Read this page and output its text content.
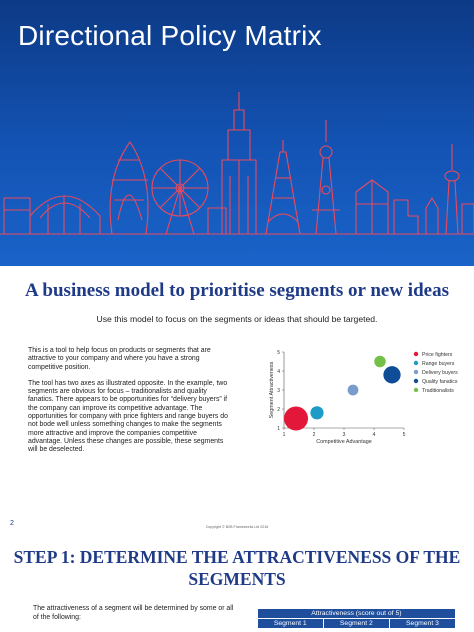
Directional Policy Matrix
A business model to prioritise segments or new ideas
Use this model to focus on the segments or ideas that should be targeted.

This is a tool to help focus on products or segments that are attractive to your company and where you have a strong competitive position.

The tool has two axes as illustrated opposite. In the example, two segments are obvious for focus – traditionalists and quality fanatics. There appears to be opportunities for “delivery buyers” if the company can improve its competitive advantage. The opportunities for company with price fighters and range buyers do not bode well unless something changes to make the segments more attractive and improve the companies competitive advantage. Unless these changes are possible, these segments will be deselected.

1	2	3	4	5
1
2
3
4
5
Competitive Advantage
Segment Attractiveness
Price fighters
Range buyers
Delivery buyers
Quality fanatics
Traditionalists
2	Copyright © B2B Frameworks Ltd 2016
STEP 1: DETERMINE THE ATTRACTIVENESS OF THE
SEGMENTS
The attractiveness of a segment will be determined by some or all of the following:
	Attractiveness (score out of 5)		
	Segment 1	Segment 2	Segment 3
